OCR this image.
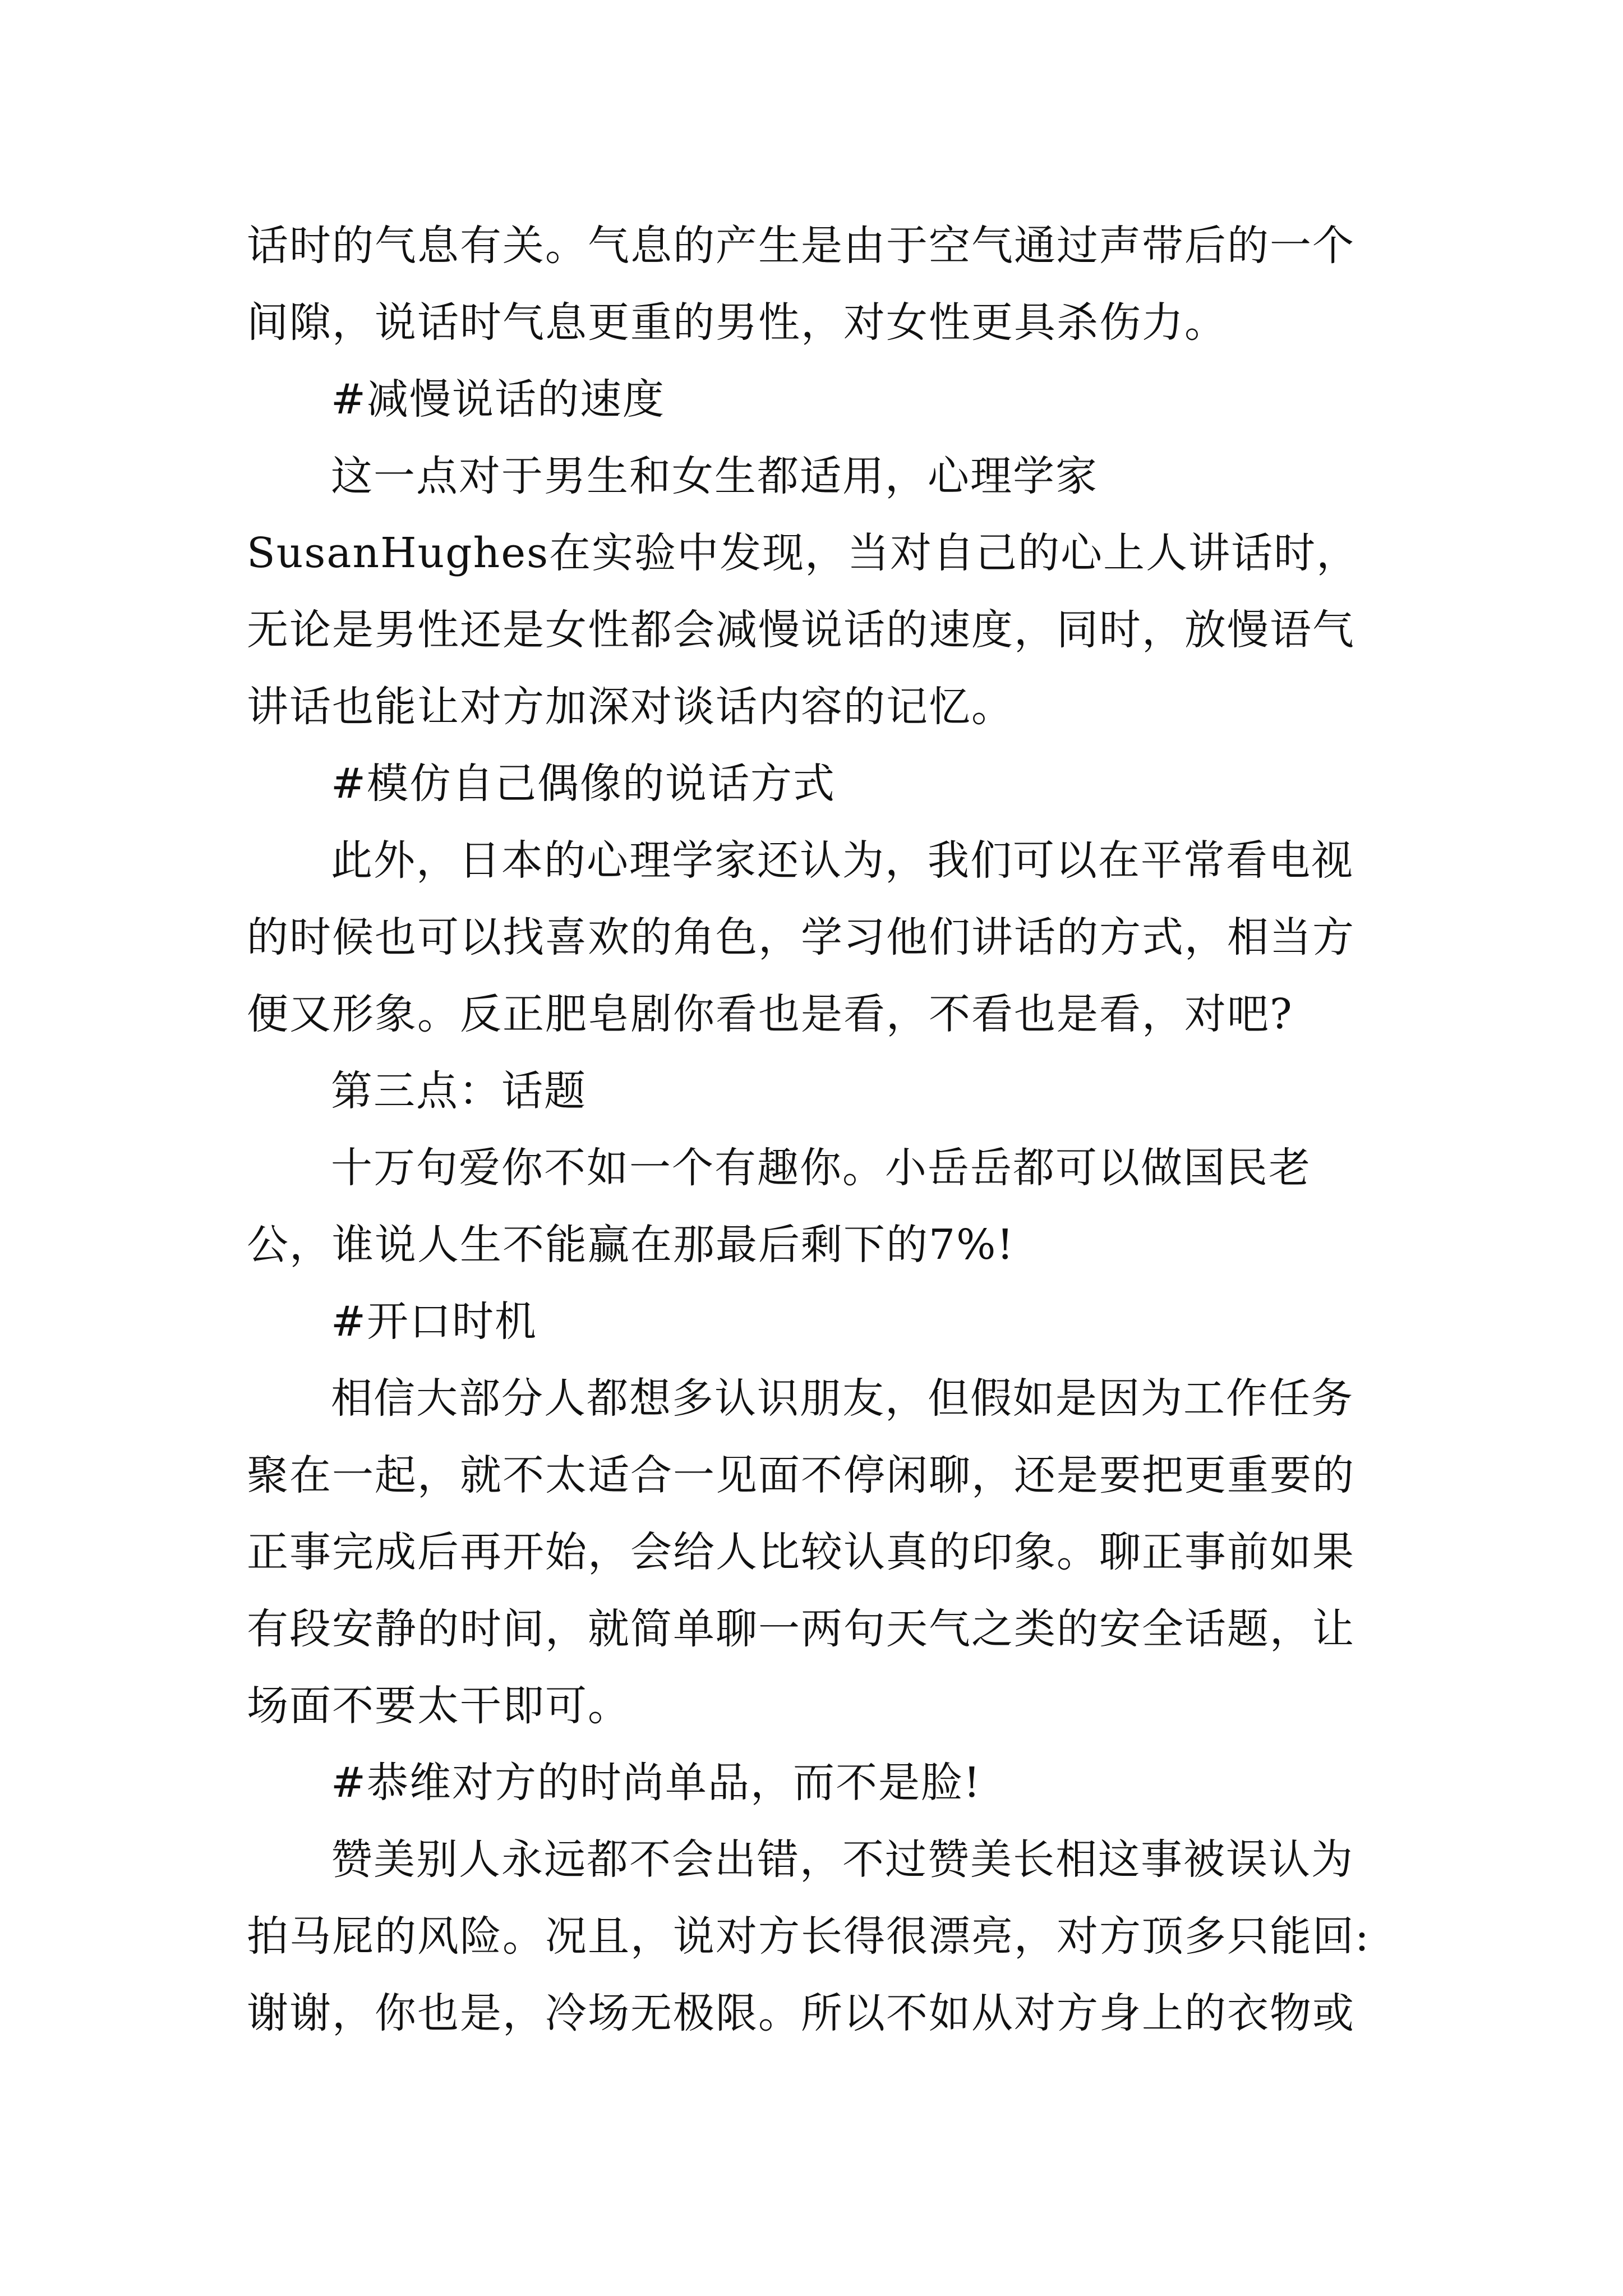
话时的气息有关。气息的产生是由于空气通过声带后的一个间隙，说话时气息更重的男性，对女性更具杀伤力。

#减慢说话的速度

这一点对于男生和女生都适用，心理学家SusanHughes在实验中发现，当对自己的心上人讲话时，无论是男性还是女性都会减慢说话的速度，同时，放慢语气讲话也能让对方加深对谈话内容的记忆。

#模仿自己偶像的说话方式

此外，日本的心理学家还认为，我们可以在平常看电视的时候也可以找喜欢的角色，学习他们讲话的方式，相当方便又形象。反正肥皂剧你看也是看，不看也是看，对吧?

第三点：话题

十万句爱你不如一个有趣你。小岳岳都可以做国民老公，谁说人生不能赢在那最后剩下的7%!

#开口时机

相信大部分人都想多认识朋友，但假如是因为工作任务聚在一起，就不太适合一见面不停闲聊，还是要把更重要的正事完成后再开始，会给人比较认真的印象。聊正事前如果有段安静的时间，就简单聊一两句天气之类的安全话题，让场面不要太干即可。

#恭维对方的时尚单品，而不是脸!

赞美别人永远都不会出错，不过赞美长相这事被误认为拍马屁的风险。况且，说对方长得很漂亮，对方顶多只能回:谢谢，你也是，冷场无极限。所以不如从对方身上的衣物或
